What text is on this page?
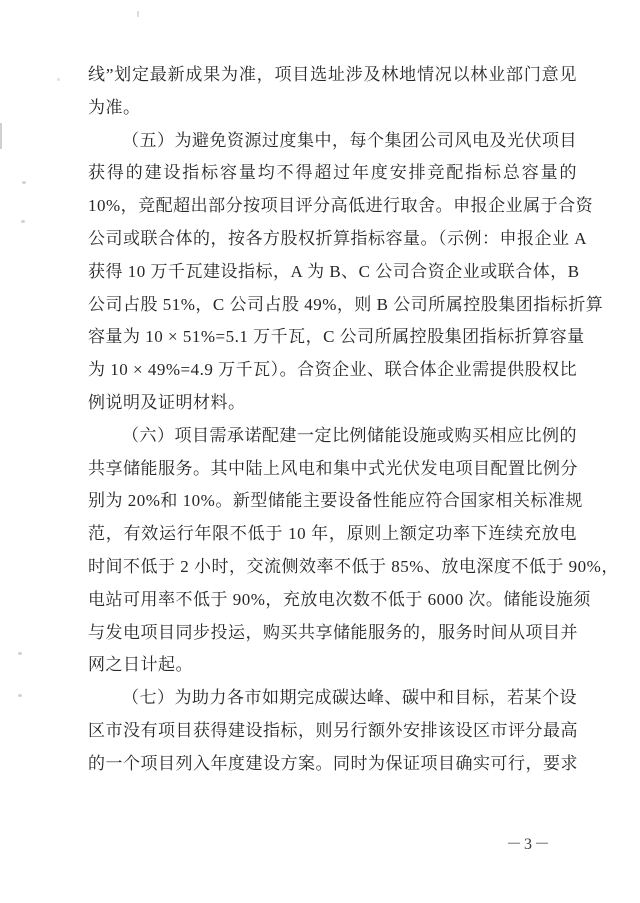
线”划定最新成果为准，项目选址涉及林地情况以林业部门意见
为准。
（五）为避免资源过度集中，每个集团公司风电及光伏项目
获得的建设指标容量均不得超过年度安排竞配指标总容量的
10%，竞配超出部分按项目评分高低进行取舍。申报企业属于合资
公司或联合体的，按各方股权折算指标容量。（示例：申报企业 A
获得 10 万千瓦建设指标，A 为 B、C 公司合资企业或联合体，B
公司占股 51%，C 公司占股 49%，则 B 公司所属控股集团指标折算
容量为 10 × 51%=5.1 万千瓦，C 公司所属控股集团指标折算容量
为 10 × 49%=4.9 万千瓦）。合资企业、联合体企业需提供股权比
例说明及证明材料。
（六）项目需承诺配建一定比例储能设施或购买相应比例的
共享储能服务。其中陆上风电和集中式光伏发电项目配置比例分
别为 20%和 10%。新型储能主要设备性能应符合国家相关标准规
范，有效运行年限不低于 10 年，原则上额定功率下连续充放电
时间不低于 2 小时，交流侧效率不低于 85%、放电深度不低于 90%，
电站可用率不低于 90%，充放电次数不低于 6000 次。储能设施须
与发电项目同步投运，购买共享储能服务的，服务时间从项目并
网之日计起。
（七）为助力各市如期完成碳达峰、碳中和目标，若某个设
区市没有项目获得建设指标，则另行额外安排该设区市评分最高
的一个项目列入年度建设方案。同时为保证项目确实可行，要求
－3－
